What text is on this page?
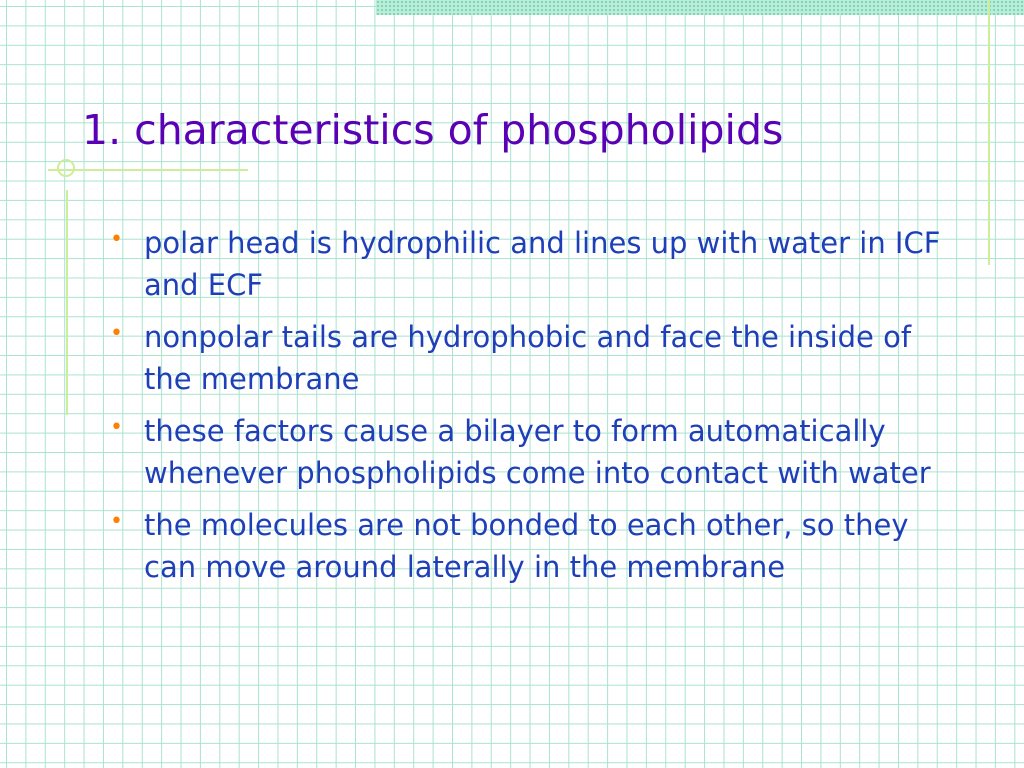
1. characteristics of phospholipids
• polar head is hydrophilic and lines up with water in ICF and ECF
• nonpolar tails are hydrophobic and face the inside of the membrane
• these factors cause a bilayer to form automatically whenever phospholipids come into contact with water
• the molecules are not bonded to each other, so they can move around laterally in the membrane
